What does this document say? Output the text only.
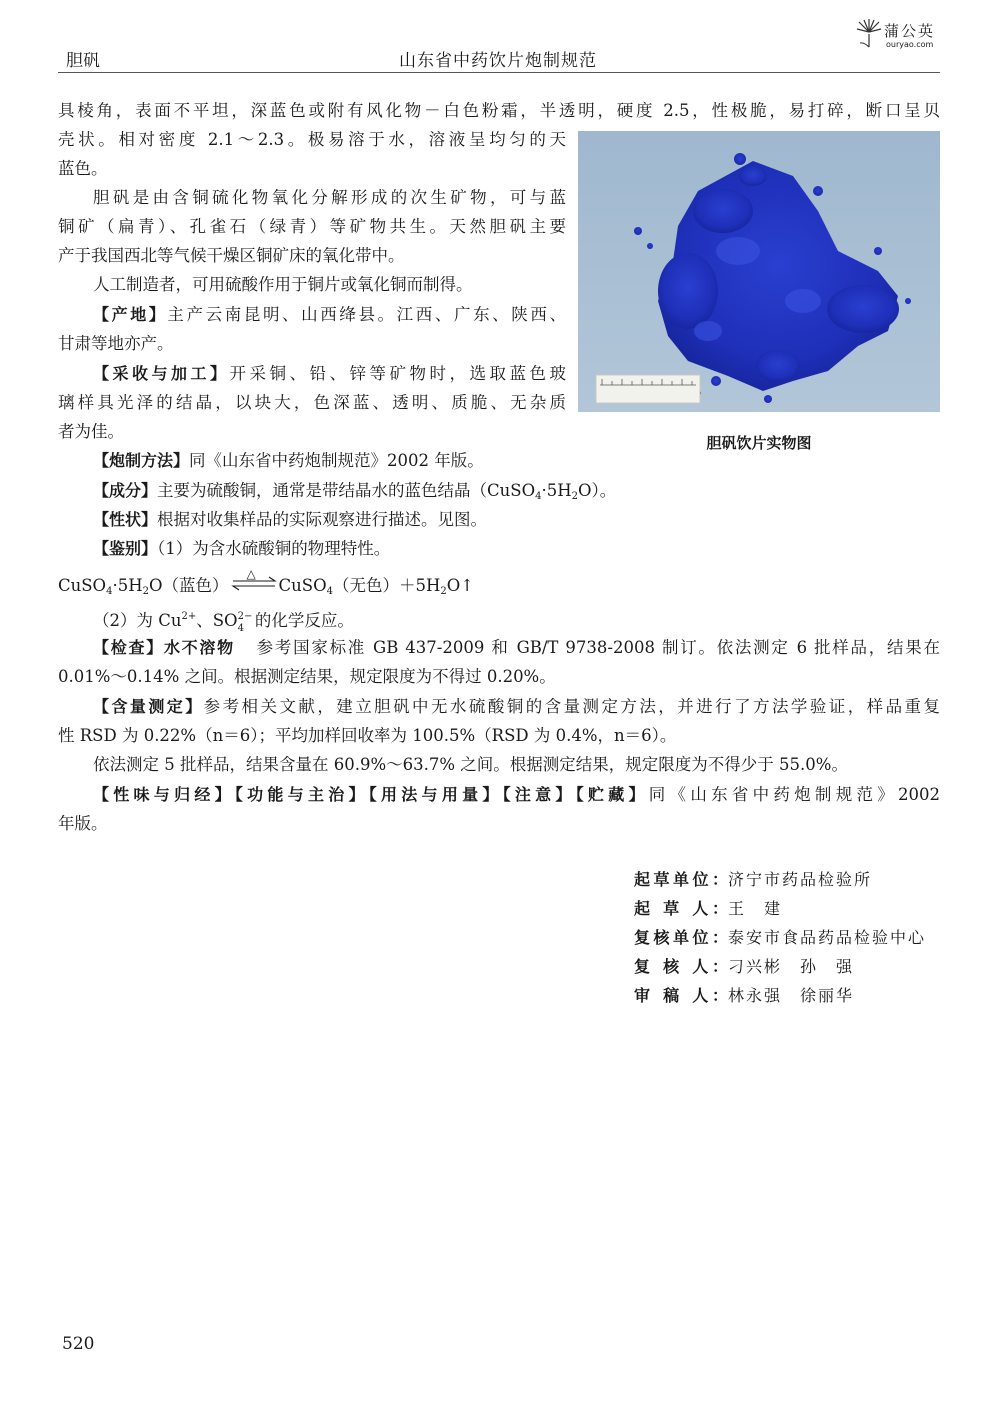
胆矾	山东省中药饮片炮制规范
蒲公英
ouryao.com
具棱角，表面不平坦，深蓝色或附有风化物－白色粉霜，半透明，硬度 2.5，性极脆，易打碎，断口呈贝
壳状。相对密度 2.1～2.3。极易溶于水，溶液呈均匀的天
蓝色。
胆矾是由含铜硫化物氧化分解形成的次生矿物，可与蓝
铜矿（扁青）、孔雀石（绿青）等矿物共生。天然胆矾主要
产于我国西北等气候干燥区铜矿床的氧化带中。
人工制造者，可用硫酸作用于铜片或氧化铜而制得。
【产地】主产云南昆明、山西绛县。江西、广东、陕西、
甘肃等地亦产。
【采收与加工】开采铜、铅、锌等矿物时，选取蓝色玻
璃样具光泽的结晶，以块大，色深蓝、透明、质脆、无杂质
者为佳。
【炮制方法】同《山东省中药炮制规范》2002 年版。
【成分】主要为硫酸铜，通常是带结晶水的蓝色结晶$(CuSO_4\cdot 5H_2O)$。
【性状】根据对收集样品的实际观察进行描述。见图。
【鉴别】（1）为含水硫酸铜的物理特性。
$CuSO_4\cdot 5H_2O$（蓝色）
△
CuSO$_4$（无色）$+5H_2O↑$
（2）为 $Cu^{2+}$、SO 2−
4 的化学反应。
【检查】水不溶物 参考国家标准 GB 437-2009 和 GB/T 9738-2008 制订。依法测定 6 批样品，结果在
0.01%～0.14% 之间。根据测定结果，规定限度为不得过 0.20%。
【含量测定】参考相关文献，建立胆矾中无水硫酸铜的含量测定方法，并进行了方法学验证，样品重复
性 RSD 为 0.22%（n＝6）；平均加样回收率为 100.5%（RSD 为 0.4%，n＝6）。
依法测定 5 批样品，结果含量在 60.9%～63.7% 之间。根据测定结果，规定限度为不得少于 55.0%。
【性味与归经】【功能与主治】【用法与用量】【注意】【贮藏】同《山东省中药炮制规范》2002
年版。
胆矾饮片实物图
起草单位：济宁市药品检验所
起 草 人：王　建
复核单位：泰安市食品药品检验中心
复 核 人：刁兴彬　孙　强
审 稿 人：林永强　徐丽华
520
